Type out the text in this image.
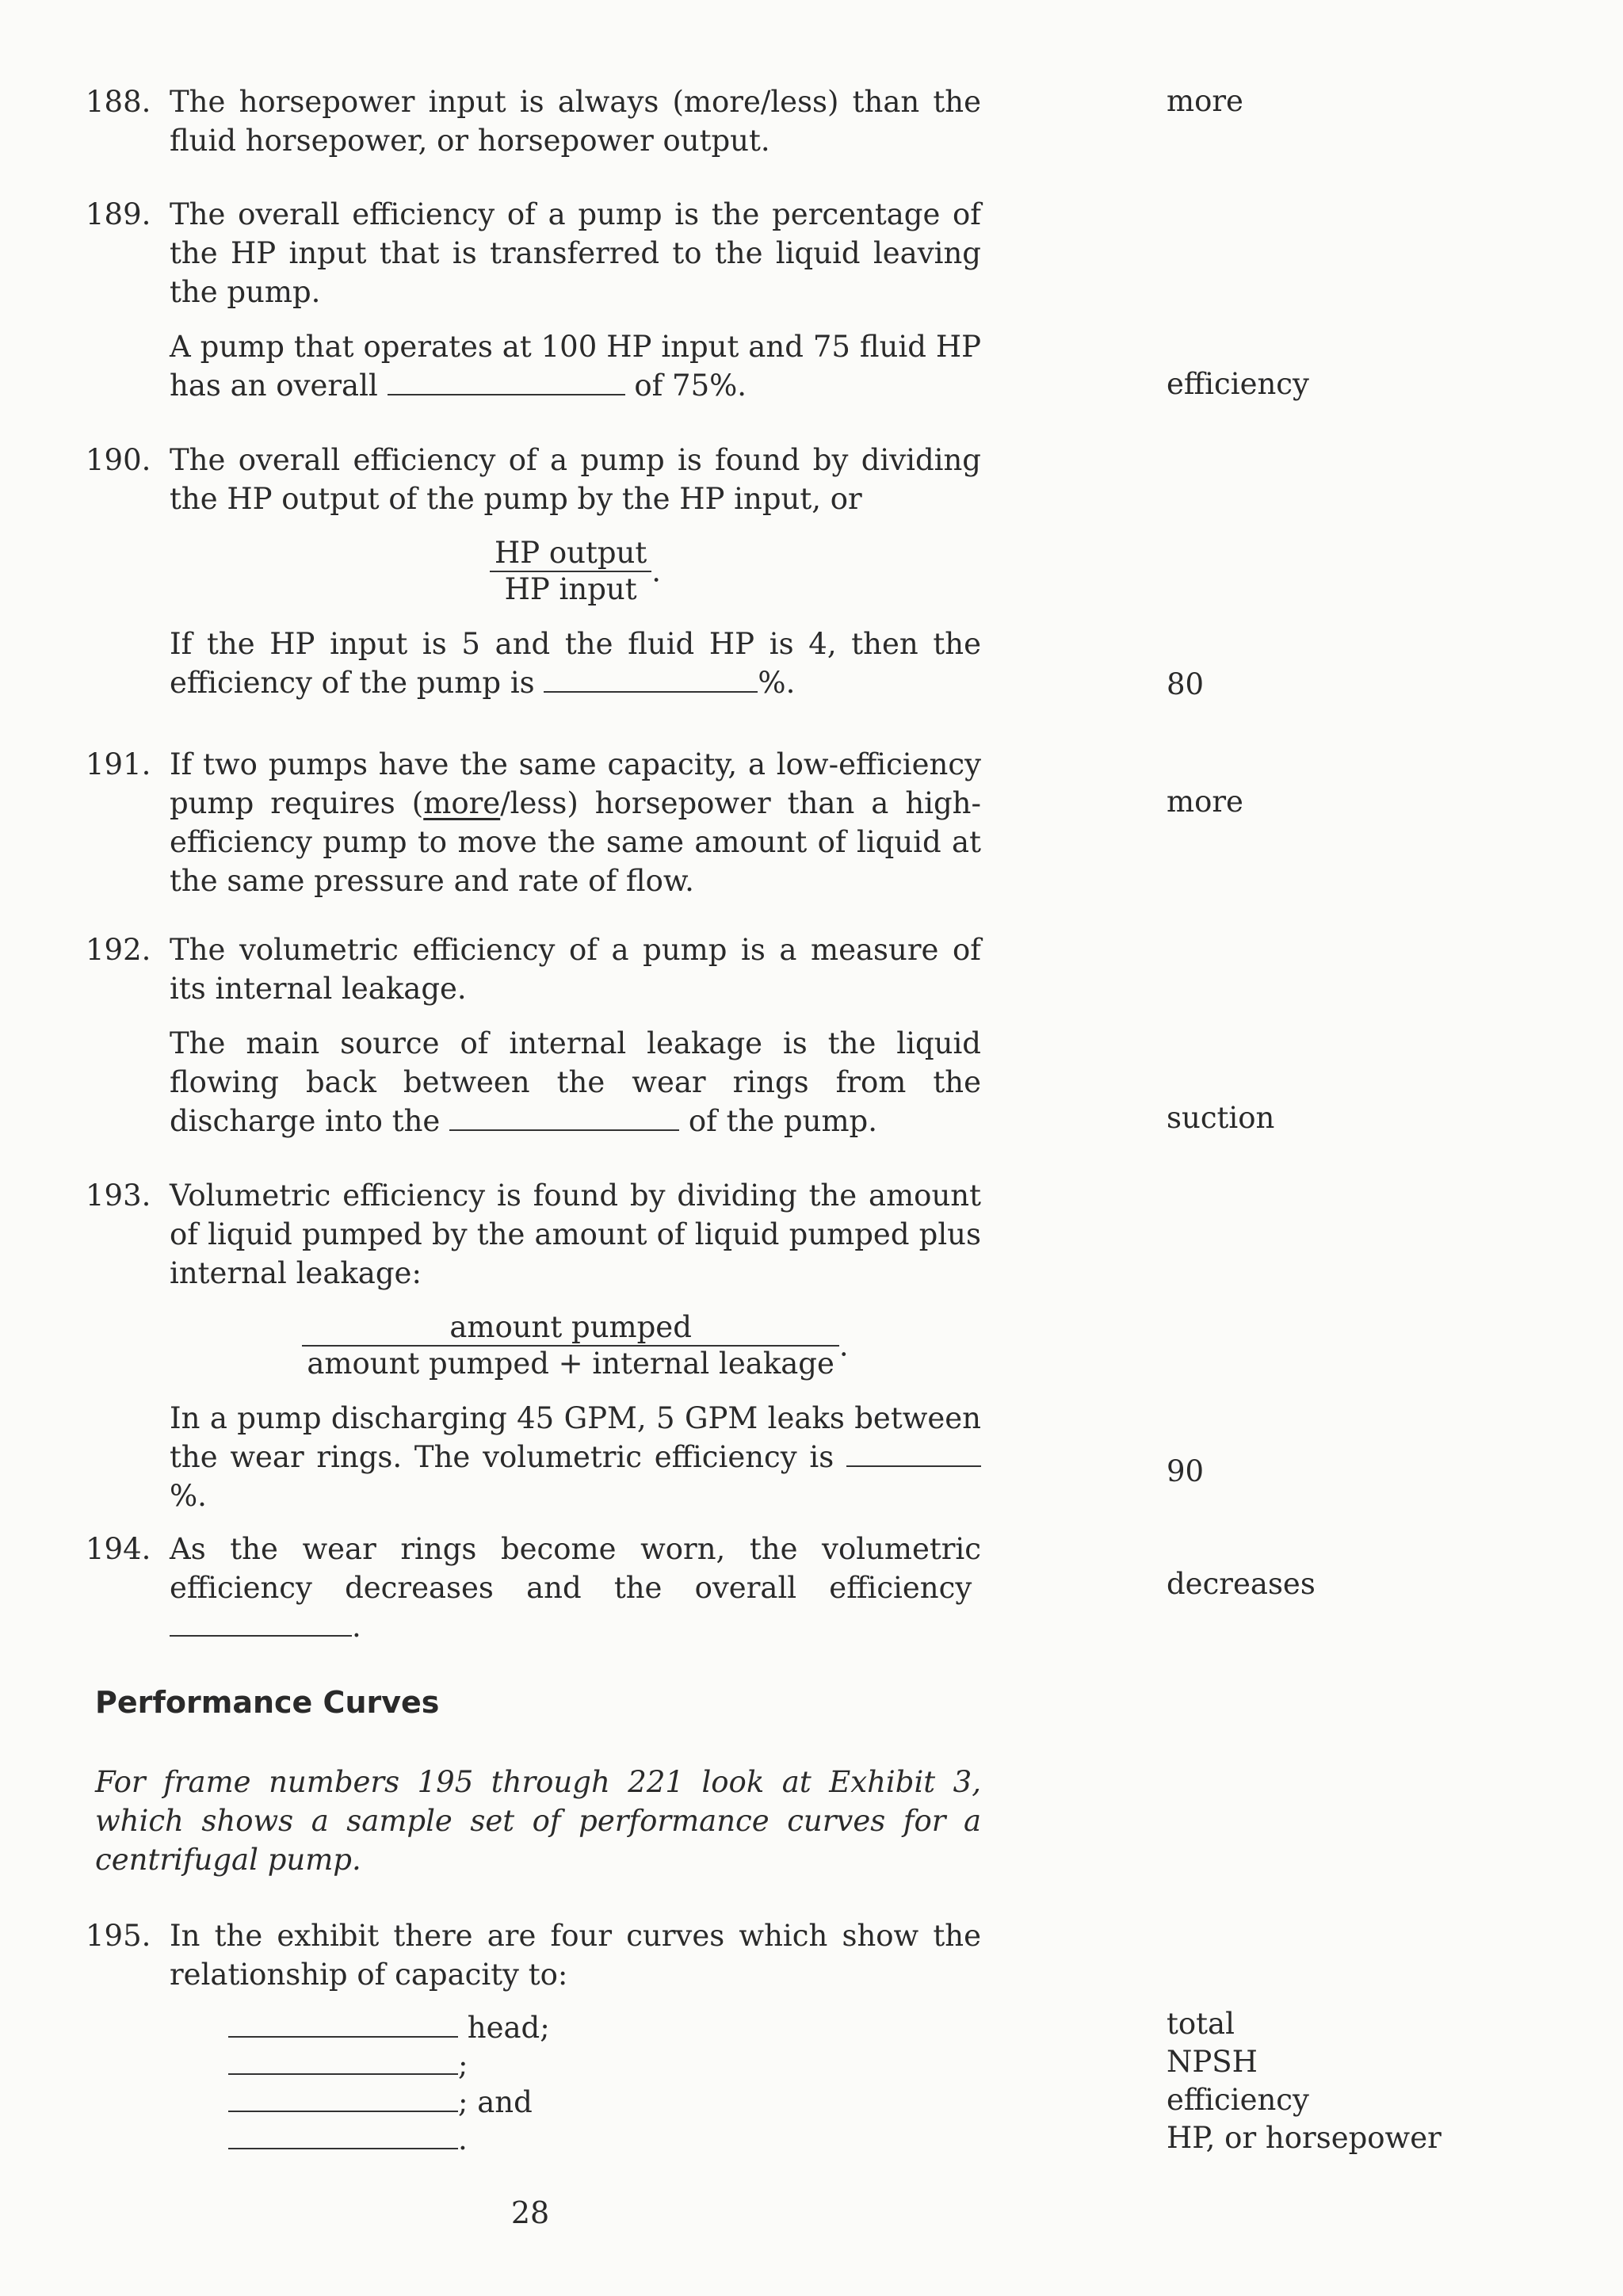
188. The horsepower input is always (more/less) than the fluid horsepower, or horsepower output.

more
189. The overall efficiency of a pump is the percentage of the HP input that is transferred to the liquid leaving the pump.

A pump that operates at 100 HP input and 75 fluid HP has an overall	of 75%.	efficiency
190. The overall efficiency of a pump is found by dividing the HP output of the pump by the HP input, or

$\frac{\text{HP output}}{\text{HP input}}$ .

If the HP input is 5 and the fluid HP is 4, then the efficiency of the pump is	%.	80
191. If two pumps have the same capacity, a low-efficiency pump requires (more/less) horsepower than a high-efficiency pump to move the same amount of liquid at the same pressure and rate of flow.

more
192. The volumetric efficiency of a pump is a measure of its internal leakage.

The main source of internal leakage is the liquid flowing back between the wear rings from the discharge into the	of the pump.	suction
193. Volumetric efficiency is found by dividing the amount of liquid pumped by the amount of liquid pumped plus internal leakage:

$\frac{\text{amount pumped}}{\text{amount pumped + internal leakage}}$ .

In a pump discharging 45 GPM, 5 GPM leaks between the wear rings. The volumetric efficiency is %.

90
194. As the wear rings become worn, the volumetric efficiency decreases and the overall efficiency .

decreases
Performance Curves

For frame numbers 195 through 221 look at Exhibit 3, which shows a sample set of performance curves for a centrifugal pump.

195. In the exhibit there are four curves which show the relationship of capacity to:

head;
;
; and
.
total
NPSH
efficiency
HP, or horsepower
28
